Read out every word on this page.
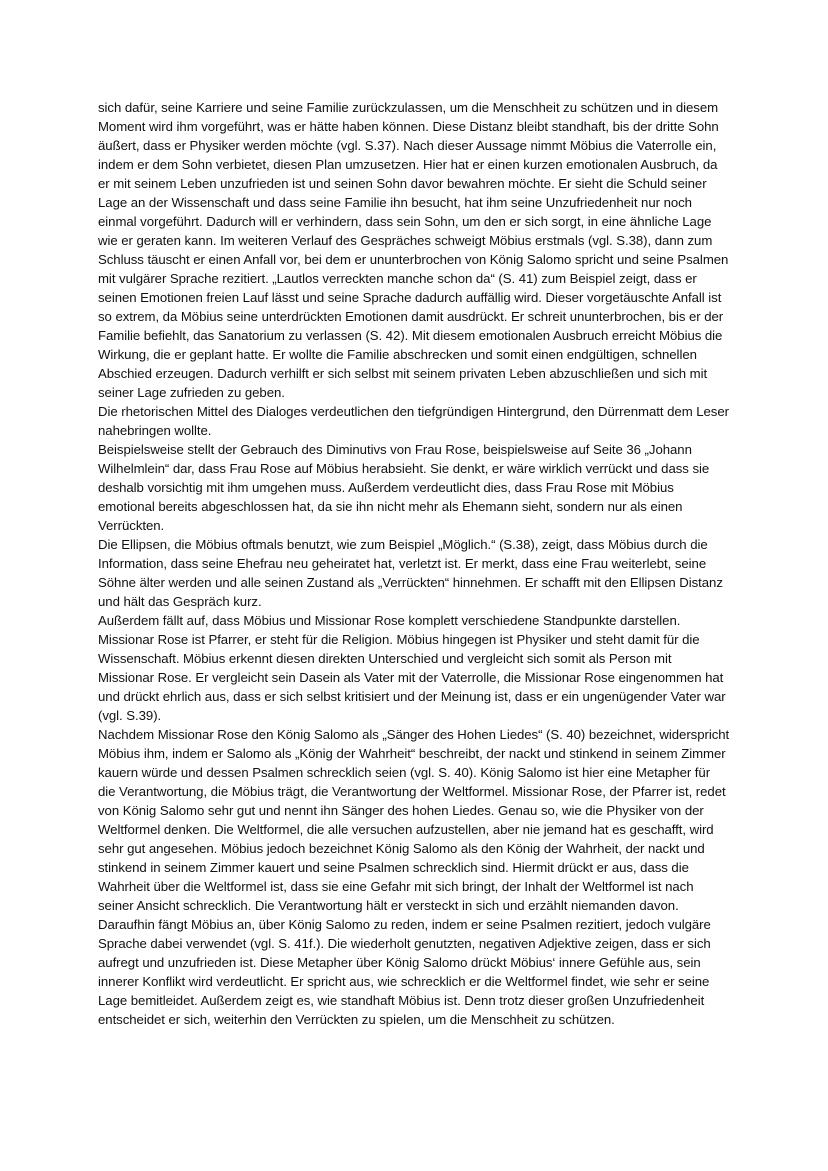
sich dafür, seine Karriere und seine Familie zurückzulassen, um die Menschheit zu schützen und in diesem Moment wird ihm vorgeführt, was er hätte haben können. Diese Distanz bleibt standhaft, bis der dritte Sohn äußert, dass er Physiker werden möchte (vgl. S.37). Nach dieser Aussage nimmt Möbius die Vaterrolle ein, indem er dem Sohn verbietet, diesen Plan umzusetzen. Hier hat er einen kurzen emotionalen Ausbruch, da er mit seinem Leben unzufrieden ist und seinen Sohn davor bewahren möchte. Er sieht die Schuld seiner Lage an der Wissenschaft und dass seine Familie ihn besucht, hat ihm seine Unzufriedenheit nur noch einmal vorgeführt. Dadurch will er verhindern, dass sein Sohn, um den er sich sorgt, in eine ähnliche Lage wie er geraten kann. Im weiteren Verlauf des Gespräches schweigt Möbius erstmals (vgl. S.38), dann zum Schluss täuscht er einen Anfall vor, bei dem er ununterbrochen von König Salomo spricht und seine Psalmen mit vulgärer Sprache rezitiert. „Lautlos verreckten manche schon da“ (S. 41) zum Beispiel zeigt, dass er seinen Emotionen freien Lauf lässt und seine Sprache dadurch auffällig wird. Dieser vorgetäuschte Anfall ist so extrem, da Möbius seine unterdrückten Emotionen damit ausdrückt. Er schreit ununterbrochen, bis er der Familie befiehlt, das Sanatorium zu verlassen (S. 42). Mit diesem emotionalen Ausbruch erreicht Möbius die Wirkung, die er geplant hatte. Er wollte die Familie abschrecken und somit einen endgültigen, schnellen Abschied erzeugen. Dadurch verhilft er sich selbst mit seinem privaten Leben abzuschließen und sich mit seiner Lage zufrieden zu geben.

Die rhetorischen Mittel des Dialoges verdeutlichen den tiefgründigen Hintergrund, den Dürrenmatt dem Leser nahebringen wollte.

Beispielsweise stellt der Gebrauch des Diminutivs von Frau Rose, beispielsweise auf Seite 36 „Johann Wilhelmlein“ dar, dass Frau Rose auf Möbius herabsieht. Sie denkt, er wäre wirklich verrückt und dass sie deshalb vorsichtig mit ihm umgehen muss. Außerdem verdeutlicht dies, dass Frau Rose mit Möbius emotional bereits abgeschlossen hat, da sie ihn nicht mehr als Ehemann sieht, sondern nur als einen Verrückten.

Die Ellipsen, die Möbius oftmals benutzt, wie zum Beispiel „Möglich.“ (S.38), zeigt, dass Möbius durch die Information, dass seine Ehefrau neu geheiratet hat, verletzt ist. Er merkt, dass eine Frau weiterlebt, seine Söhne älter werden und alle seinen Zustand als „Verrückten“ hinnehmen. Er schafft mit den Ellipsen Distanz und hält das Gespräch kurz.

Außerdem fällt auf, dass Möbius und Missionar Rose komplett verschiedene Standpunkte darstellen. Missionar Rose ist Pfarrer, er steht für die Religion. Möbius hingegen ist Physiker und steht damit für die Wissenschaft. Möbius erkennt diesen direkten Unterschied und vergleicht sich somit als Person mit Missionar Rose. Er vergleicht sein Dasein als Vater mit der Vaterrolle, die Missionar Rose eingenommen hat und drückt ehrlich aus, dass er sich selbst kritisiert und der Meinung ist, dass er ein ungenügender Vater war (vgl. S.39).

Nachdem Missionar Rose den König Salomo als „Sänger des Hohen Liedes“ (S. 40) bezeichnet, widerspricht Möbius ihm, indem er Salomo als „König der Wahrheit“ beschreibt, der nackt und stinkend in seinem Zimmer kauern würde und dessen Psalmen schrecklich seien (vgl. S. 40). König Salomo ist hier eine Metapher für die Verantwortung, die Möbius trägt, die Verantwortung der Weltformel. Missionar Rose, der Pfarrer ist, redet von König Salomo sehr gut und nennt ihn Sänger des hohen Liedes. Genau so, wie die Physiker von der Weltformel denken. Die Weltformel, die alle versuchen aufzustellen, aber nie jemand hat es geschafft, wird sehr gut angesehen. Möbius jedoch bezeichnet König Salomo als den König der Wahrheit, der nackt und stinkend in seinem Zimmer kauert und seine Psalmen schrecklich sind. Hiermit drückt er aus, dass die Wahrheit über die Weltformel ist, dass sie eine Gefahr mit sich bringt, der Inhalt der Weltformel ist nach seiner Ansicht schrecklich. Die Verantwortung hält er versteckt in sich und erzählt niemanden davon. Daraufhin fängt Möbius an, über König Salomo zu reden, indem er seine Psalmen rezitiert, jedoch vulgäre Sprache dabei verwendet (vgl. S. 41f.). Die wiederholt genutzten, negativen Adjektive zeigen, dass er sich aufregt und unzufrieden ist. Diese Metapher über König Salomo drückt Möbius‘ innere Gefühle aus, sein innerer Konflikt wird verdeutlicht. Er spricht aus, wie schrecklich er die Weltformel findet, wie sehr er seine Lage bemitleidet. Außerdem zeigt es, wie standhaft Möbius ist. Denn trotz dieser großen Unzufriedenheit entscheidet er sich, weiterhin den Verrückten zu spielen, um die Menschheit zu schützen.
